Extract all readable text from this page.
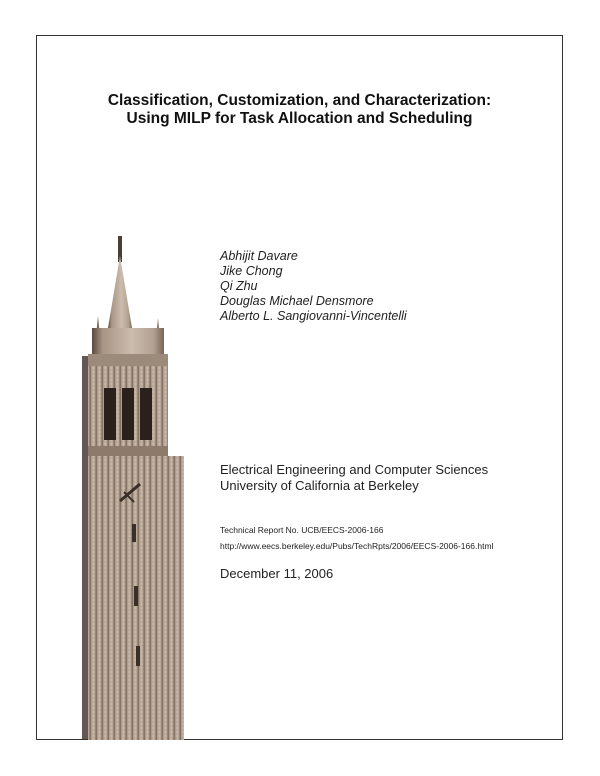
Classification, Customization, and Characterization:
Using MILP for Task Allocation and Scheduling
Abhijit Davare
Jike Chong
Qi Zhu
Douglas Michael Densmore
Alberto L. Sangiovanni-Vincentelli
Electrical Engineering and Computer Sciences
University of California at Berkeley
Technical Report No. UCB/EECS-2006-166
http://www.eecs.berkeley.edu/Pubs/TechRpts/2006/EECS-2006-166.html
December 11, 2006
